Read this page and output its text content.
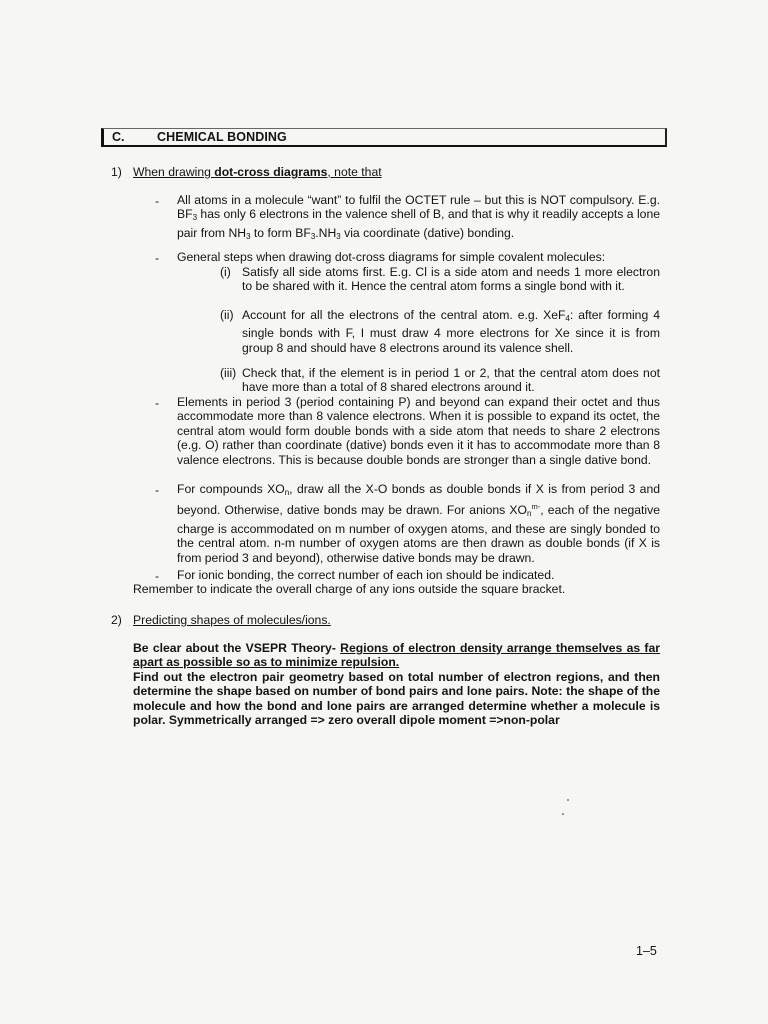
C.	CHEMICAL BONDING
1) When drawing dot-cross diagrams, note that
- All atoms in a molecule “want” to fulfil the OCTET rule – but this is NOT compulsory. E.g. $BF_3$ has only 6 electrons in the valence shell of B, and that is why it readily accepts a lone pair from $NH_3$ to form $BF_3.NH_3$ via coordinate (dative) bonding.
- General steps when drawing dot-cross diagrams for simple covalent molecules:
(i) Satisfy all side atoms first. E.g. Cl is a side atom and needs 1 more electron to be shared with it. Hence the central atom forms a single bond with it.
(ii) Account for all the electrons of the central atom. e.g. XeF$_4$: after forming 4 single bonds with F, I must draw 4 more electrons for Xe since it is from group 8 and should have 8 electrons around its valence shell.
(iii) Check that, if the element is in period 1 or 2, that the central atom does not have more than a total of 8 shared electrons around it.
- Elements in period 3 (period containing P) and beyond can expand their octet and thus accommodate more than 8 valence electrons. When it is possible to expand its octet, the central atom would form double bonds with a side atom that needs to share 2 electrons (e.g. O) rather than coordinate (dative) bonds even it it has to accommodate more than 8 valence electrons. This is because double bonds are stronger than a single dative bond.
- For compounds $XO_n$, draw all the X-O bonds as double bonds if X is from period 3 and beyond. Otherwise, dative bonds may be drawn. For anions $XO_n^{m-}$, each of the negative charge is accommodated on m number of oxygen atoms, and these are singly bonded to the central atom. n-m number of oxygen atoms are then drawn as double bonds (if X is from period 3 and beyond), otherwise dative bonds may be drawn.
- For ionic bonding, the correct number of each ion should be indicated.
Remember to indicate the overall charge of any ions outside the square bracket.
2) Predicting shapes of molecules/ions.
Be clear about the VSEPR Theory- Regions of electron density arrange themselves as far apart as possible so as to minimize repulsion.
Find out the electron pair geometry based on total number of electron regions, and then determine the shape based on number of bond pairs and lone pairs. Note: the shape of the molecule and how the bond and lone pairs are arranged determine whether a molecule is polar. Symmetrically arranged => zero overall dipole moment =>non-polar
1–5
